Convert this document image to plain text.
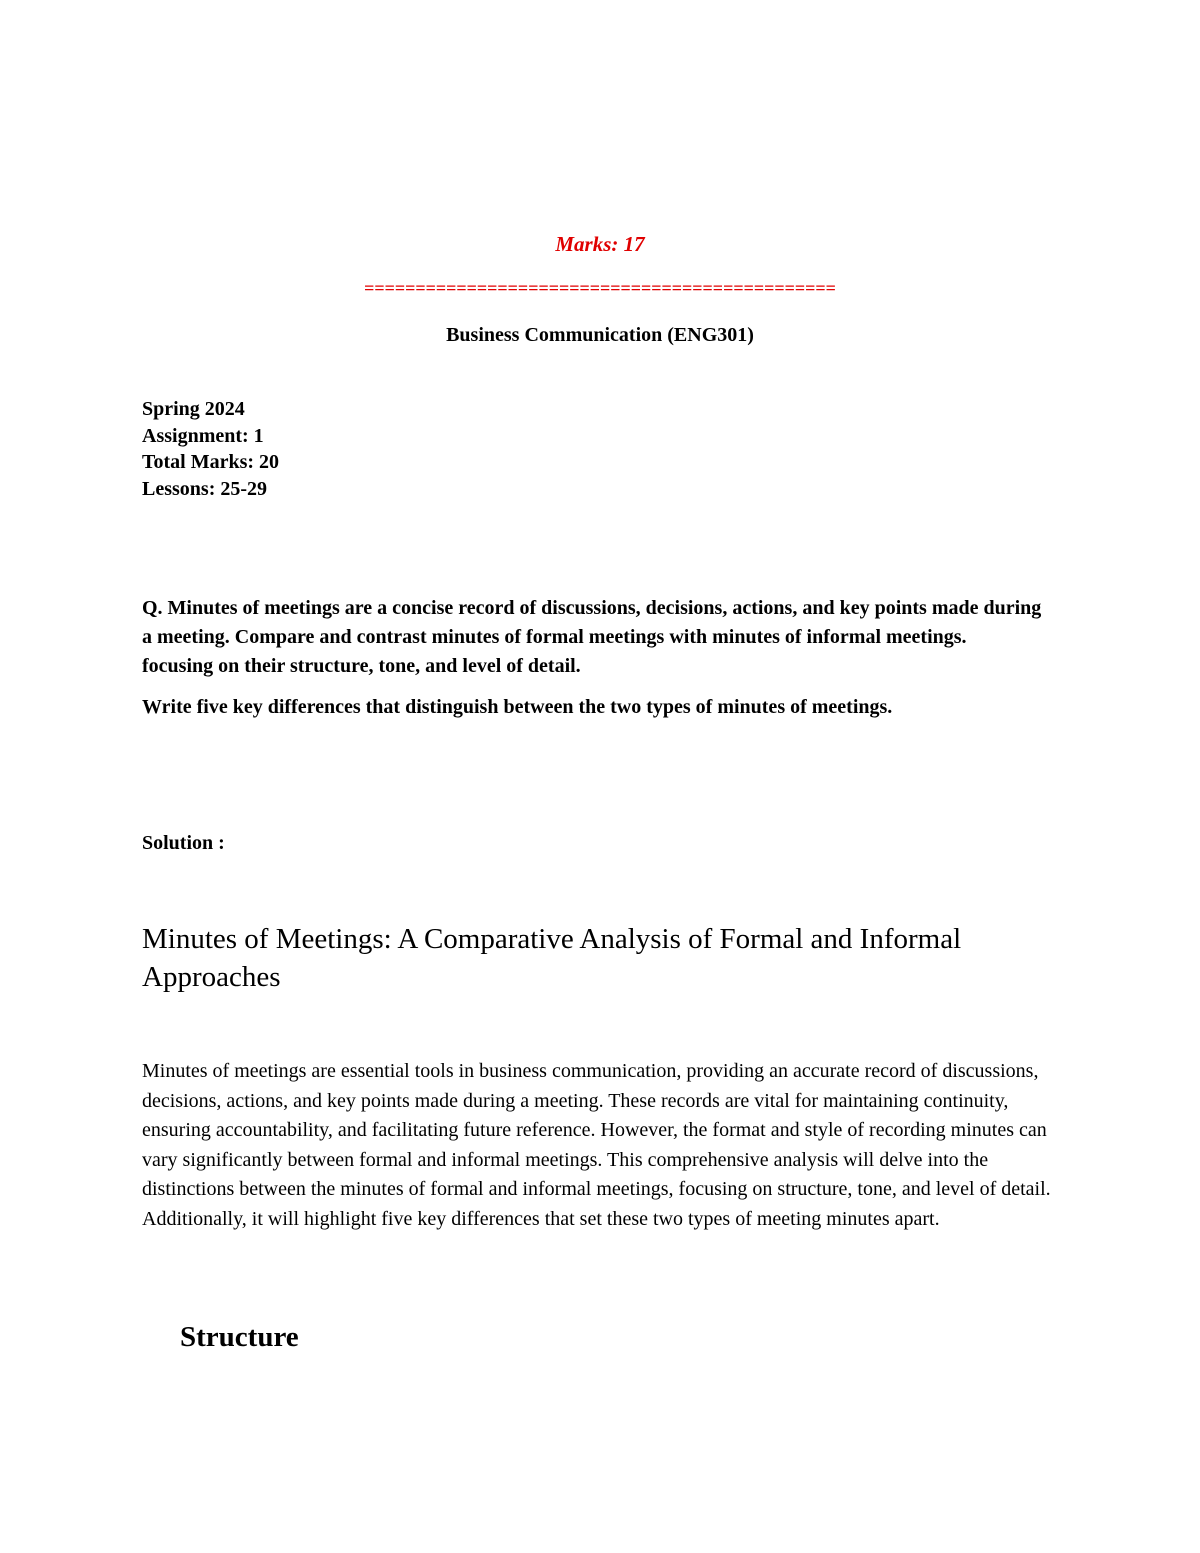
Marks: 17
==============================================
Business Communication (ENG301)
Spring 2024
Assignment: 1
Total Marks: 20
Lessons: 25-29
Q. Minutes of meetings are a concise record of discussions, decisions, actions, and key points made during a meeting. Compare and contrast minutes of formal meetings with minutes of informal meetings. focusing on their structure, tone, and level of detail.
Write five key differences that distinguish between the two types of minutes of meetings.
Solution :
Minutes of Meetings: A Comparative Analysis of Formal and Informal Approaches
Minutes of meetings are essential tools in business communication, providing an accurate record of discussions, decisions, actions, and key points made during a meeting. These records are vital for maintaining continuity, ensuring accountability, and facilitating future reference. However, the format and style of recording minutes can vary significantly between formal and informal meetings. This comprehensive analysis will delve into the distinctions between the minutes of formal and informal meetings, focusing on structure, tone, and level of detail. Additionally, it will highlight five key differences that set these two types of meeting minutes apart.
Structure
